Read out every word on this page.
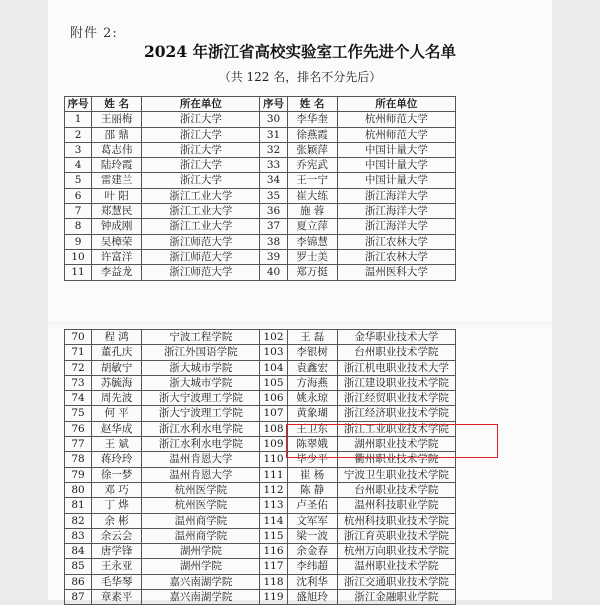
附件 2:
2024 年浙江省高校实验室工作先进个人名单
（共 122 名，排名不分先后）
序号	姓 名	所在单位	序号	姓 名	所在单位
1	王丽梅	浙江大学	30	李华奎	杭州师范大学
2	邵 鼎	浙江大学	31	徐燕霞	杭州师范大学
3	葛志伟	浙江大学	32	张颖萍	中国计量大学
4	陆玲霞	浙江大学	33	乔宪武	中国计量大学
5	雷建兰	浙江大学	34	王一宁	中国计量大学
6	叶 阳	浙江工业大学	35	崔大练	浙江海洋大学
7	郑慧民	浙江工业大学	36	施 蓉	浙江海洋大学
8	钟成刚	浙江工业大学	37	夏立萍	浙江海洋大学
9	吴樟荣	浙江师范大学	38	李锦慧	浙江农林大学
10	许富洋	浙江师范大学	39	罗士美	浙江农林大学
11	李益龙	浙江师范大学	40	郑万挺	温州医科大学
70	程 鸿	宁波工程学院	102	王 磊	金华职业技术大学
71	董孔庆	浙江外国语学院	103	李银树	台州职业技术学院
72	胡敏宁	浙大城市学院	104	袁鑫宏	浙江机电职业技术大学
73	苏毓海	浙大城市学院	105	方海燕	浙江建设职业技术学院
74	周先波	浙大宁波理工学院	106	姚永琼	浙江经贸职业技术学院
75	何 平	浙大宁波理工学院	107	黄象瑚	浙江经济职业技术学院
76	赵华成	浙江水利水电学院	108	王卫东	浙江工业职业技术学院
77	王 斌	浙江水利水电学院	109	陈翠娥	湖州职业技术学院
78	蒋玲玲	温州肯恩大学	110	毕少平	衢州职业技术学院
79	徐一梦	温州肯恩大学	111	崔 杨	宁波卫生职业技术学院
80	邓 巧	杭州医学院	112	陈 静	台州职业技术学院
81	丁 烨	杭州医学院	113	卢圣佑	温州科技职业学院
82	余 彬	温州商学院	114	文军军	杭州科技职业技术学院
83	余云会	温州商学院	115	梁一波	浙江育英职业技术学院
84	唐学锋	湖州学院	116	余金春	杭州万向职业技术学院
85	王永亚	湖州学院	117	李纬超	温州职业技术学院
86	毛华琴	嘉兴南湖学院	118	沈利华	浙江交通职业技术学院
87	章素平	嘉兴南湖学院	119	盛旭玲	浙江金融职业学院
